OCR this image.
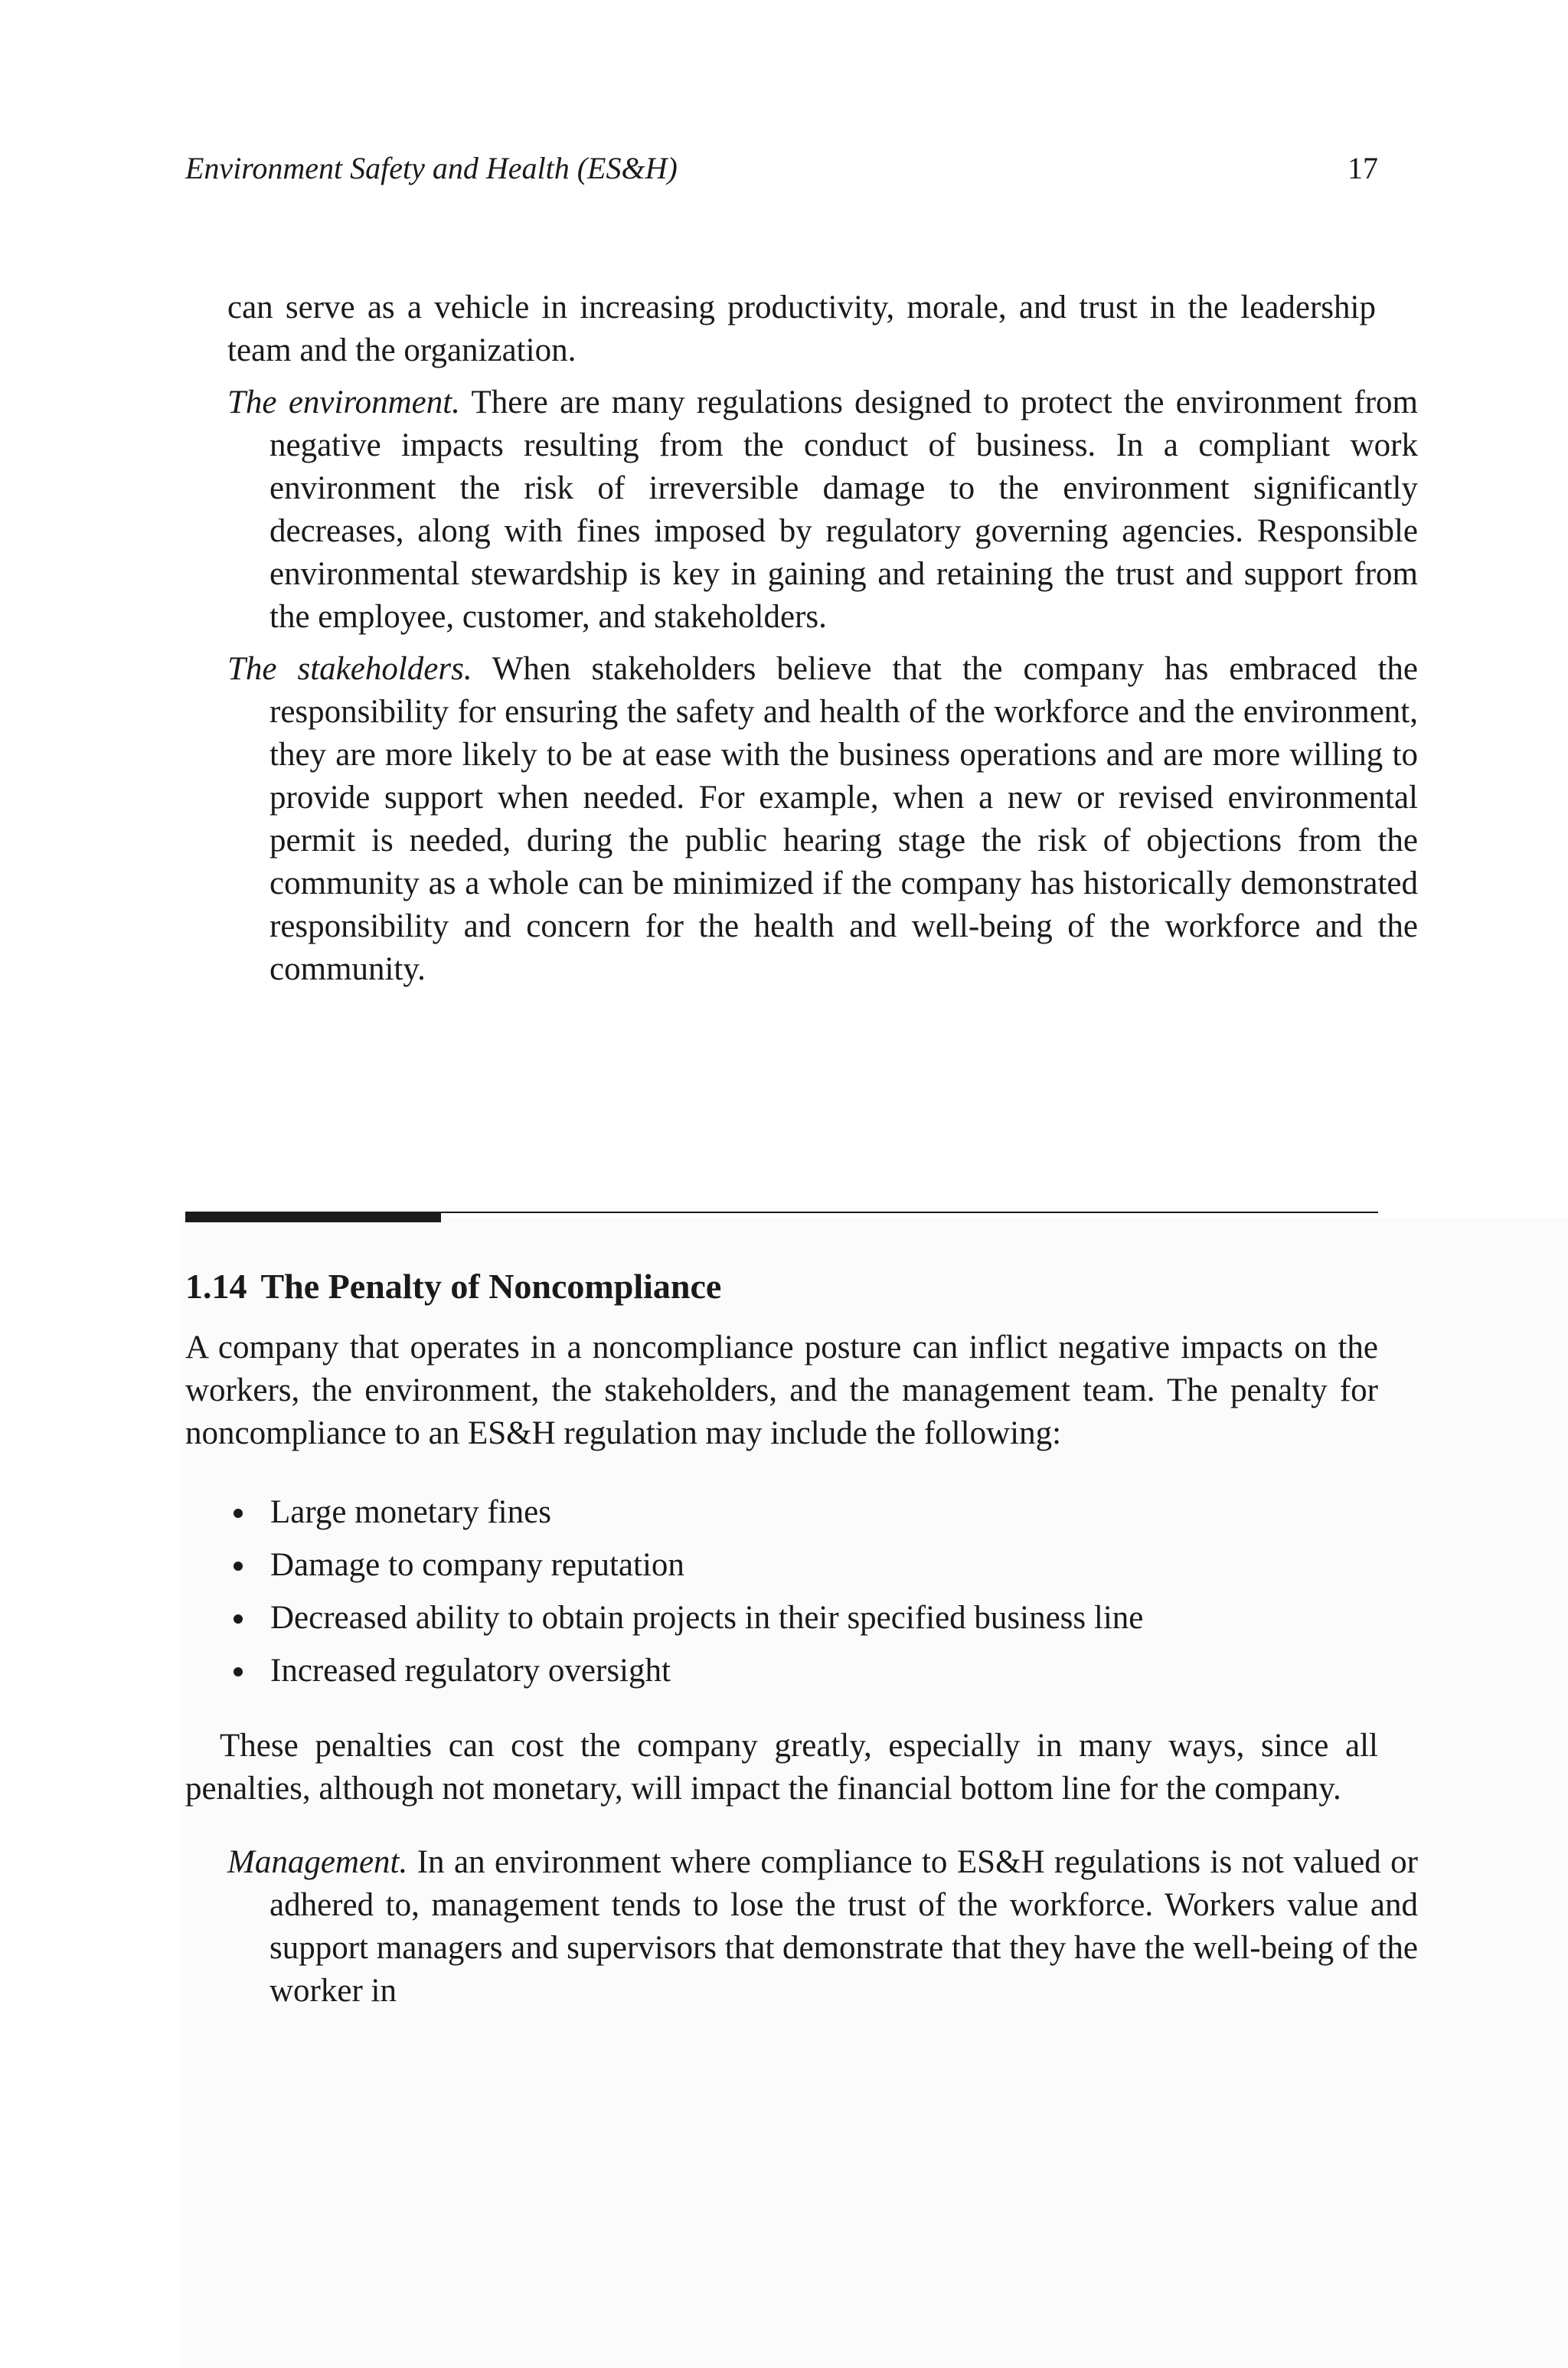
Environment Safety and Health (ES&H)	17

can serve as a vehicle in increasing productivity, morale, and trust in the leadership team and the organization.

The environment. There are many regulations designed to protect the environment from negative impacts resulting from the conduct of business. In a compliant work environment the risk of irreversible damage to the environment significantly decreases, along with fines imposed by regulatory governing agencies. Responsible environmental stewardship is key in gaining and retaining the trust and support from the employee, customer, and stakeholders.

The stakeholders. When stakeholders believe that the company has embraced the responsibility for ensuring the safety and health of the workforce and the environment, they are more likely to be at ease with the business operations and are more willing to provide support when needed. For example, when a new or revised environmental permit is needed, during the public hearing stage the risk of objections from the community as a whole can be minimized if the company has historically demonstrated responsibility and concern for the health and well-being of the workforce and the community.

1.14 The Penalty of Noncompliance

A company that operates in a noncompliance posture can inflict negative impacts on the workers, the environment, the stakeholders, and the management team. The penalty for noncompliance to an ES&H regulation may include the following:

Large monetary fines
Damage to company reputation
Decreased ability to obtain projects in their specified business line
Increased regulatory oversight

These penalties can cost the company greatly, especially in many ways, since all penalties, although not monetary, will impact the financial bottom line for the company.

Management. In an environment where compliance to ES&H regulations is not valued or adhered to, management tends to lose the trust of the workforce. Workers value and support managers and supervisors that demonstrate that they have the well-being of the worker in
